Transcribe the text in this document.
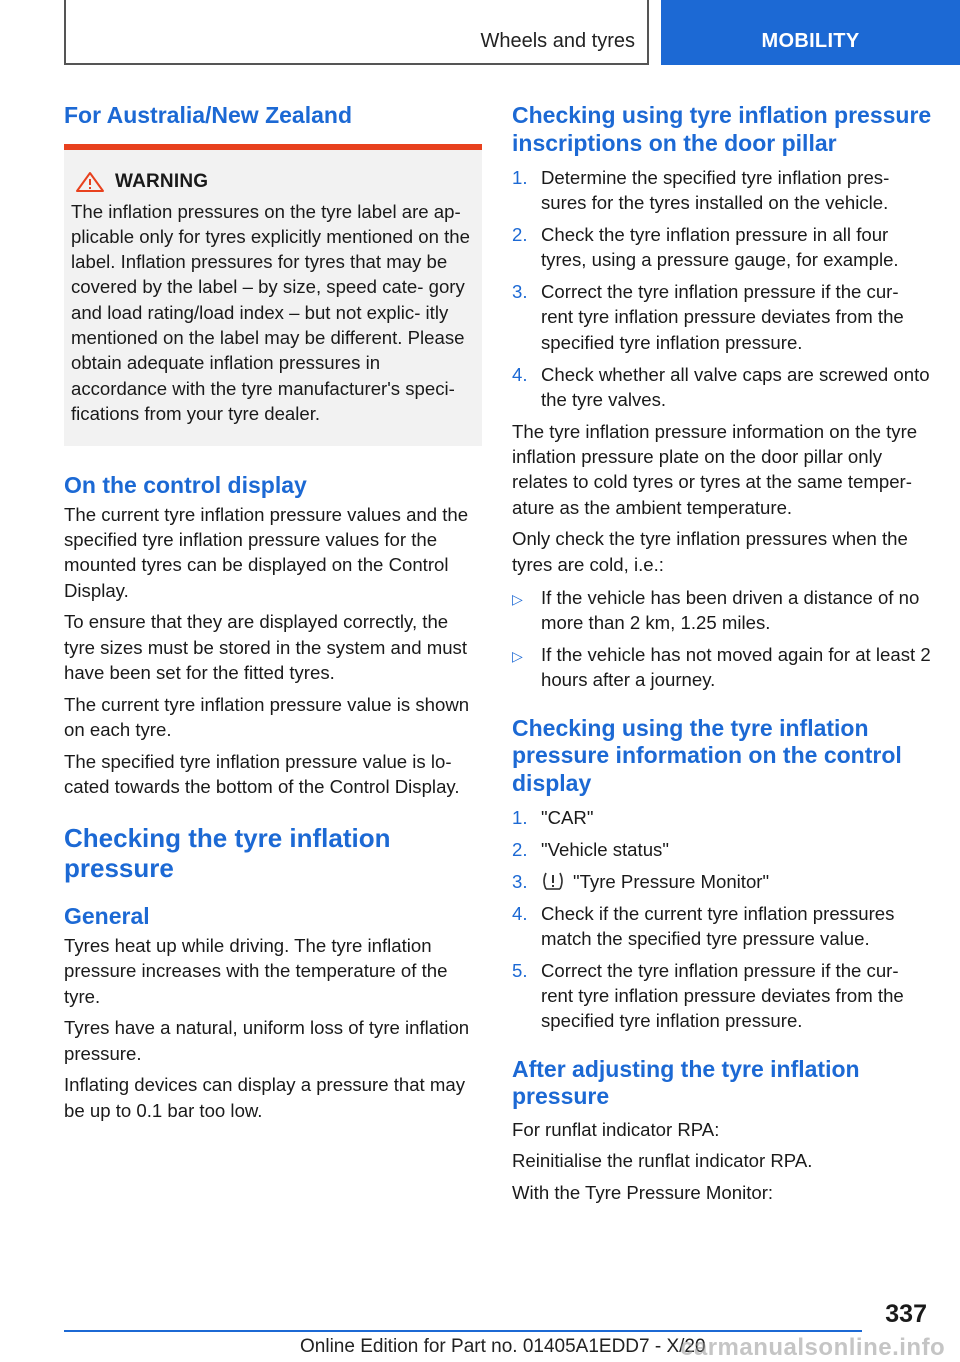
Wheels and tyres	MOBILITY
For Australia/New Zealand
WARNING

The inflation pressures on the tyre label are ap- plicable only for tyres explicitly mentioned on the label. Inflation pressures for tyres that may be covered by the label – by size, speed cate- gory and load rating/load index – but not explic- itly mentioned on the label may be different. Please obtain adequate inflation pressures in accordance with the tyre manufacturer's speci- fications from your tyre dealer.

On the control display

The current tyre inflation pressure values and the specified tyre inflation pressure values for the mounted tyres can be displayed on the Control Display.

To ensure that they are displayed correctly, the tyre sizes must be stored in the system and must have been set for the fitted tyres.

The current tyre inflation pressure value is shown on each tyre.

The specified tyre inflation pressure value is lo- cated towards the bottom of the Control Display.

Checking the tyre inflation pressure
General

Tyres heat up while driving. The tyre inflation pressure increases with the temperature of the tyre.

Tyres have a natural, uniform loss of tyre inflation pressure.

Inflating devices can display a pressure that may be up to 0.1 bar too low.

Checking using tyre inflation pressure inscriptions on the door pillar
1. Determine the specified tyre inflation pres- sures for the tyres installed on the vehicle.
2. Check the tyre inflation pressure in all four tyres, using a pressure gauge, for example.
3. Correct the tyre inflation pressure if the cur- rent tyre inflation pressure deviates from the specified tyre inflation pressure.
4. Check whether all valve caps are screwed onto the tyre valves.

The tyre inflation pressure information on the tyre inflation pressure plate on the door pillar only relates to cold tyres or tyres at the same temper- ature as the ambient temperature.

Only check the tyre inflation pressures when the tyres are cold, i.e.:

▷ If the vehicle has been driven a distance of no more than 2 km, 1.25 miles.
▷ If the vehicle has not moved again for at least 2 hours after a journey.
Checking using the tyre inflation pressure information on the control display
1. "CAR"
2. "Vehicle status"
3.	"Tyre Pressure Monitor"
4. Check if the current tyre inflation pressures match the specified tyre pressure value.
5. Correct the tyre inflation pressure if the cur- rent tyre inflation pressure deviates from the specified tyre inflation pressure.
After adjusting the tyre inflation pressure

For runflat indicator RPA:

Reinitialise the runflat indicator RPA.

With the Tyre Pressure Monitor:

337
Online Edition for Part no. 01405A1EDD7 - X/20
carmanualsonline.info
